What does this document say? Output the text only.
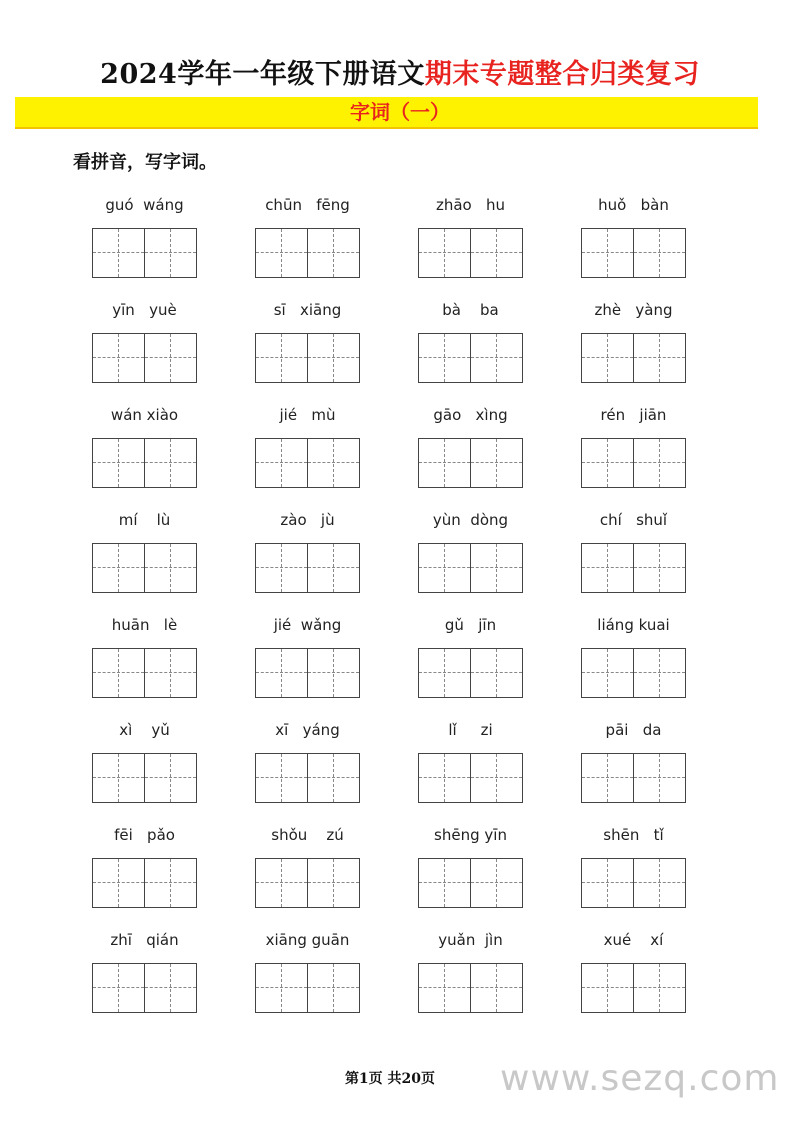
2024学年一年级下册语文期末专题整合归类复习
字词（一）
看拼音，写字词。
guó  wáng	chūn   fēng	zhāo   hu	huǒ   bàn
yīn   yuè	sī   xiāng	bà    ba	zhè   yàng
wán xiào	jié   mù	gāo   xìng	rén   jiān
mí    lù	zào   jù	yùn  dòng	chí   shuǐ
huān   lè	jié  wǎng	gǔ   jīn	liáng kuai
xì    yǔ	xī   yáng	lǐ     zi	pāi   da
fēi   pǎo	shǒu    zú	shēng yīn	shēn   tǐ
zhī   qián	xiāng guān	yuǎn  jìn	xué    xí
第1页 共20页	www.sezq.com
